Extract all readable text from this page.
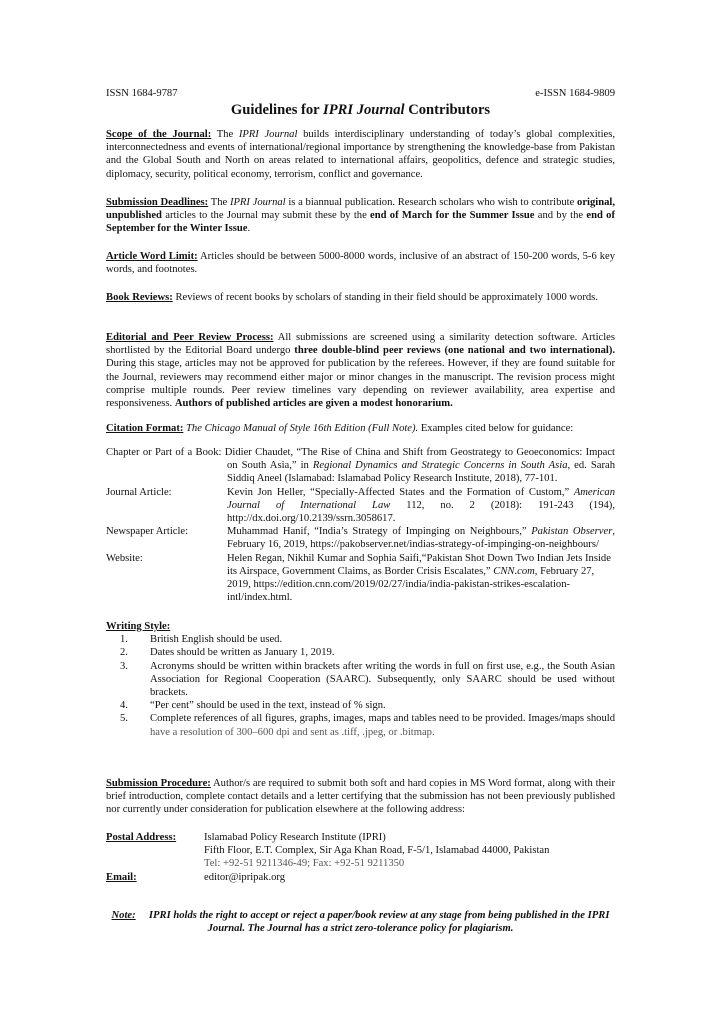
ISSN 1684-9787	e-ISSN 1684-9809
Guidelines for IPRI Journal Contributors
Scope of the Journal: The IPRI Journal builds interdisciplinary understanding of today’s global complexities, interconnectedness and events of international/regional importance by strengthening the knowledge-base from Pakistan and the Global South and North on areas related to international affairs, geopolitics, defence and strategic studies, diplomacy, security, political economy, terrorism, conflict and governance.
Submission Deadlines: The IPRI Journal is a biannual publication. Research scholars who wish to contribute original, unpublished articles to the Journal may submit these by the end of March for the Summer Issue and by the end of September for the Winter Issue.
Article Word Limit: Articles should be between 5000-8000 words, inclusive of an abstract of 150-200 words, 5-6 key words, and footnotes.
Book Reviews: Reviews of recent books by scholars of standing in their field should be approximately 1000 words.
Editorial and Peer Review Process: All submissions are screened using a similarity detection software. Articles shortlisted by the Editorial Board undergo three double-blind peer reviews (one national and two international). During this stage, articles may not be approved for publication by the referees. However, if they are found suitable for the Journal, reviewers may recommend either major or minor changes in the manuscript. The revision process might comprise multiple rounds. Peer review timelines vary depending on reviewer availability, area expertise and responsiveness. Authors of published articles are given a modest honorarium.
Citation Format: The Chicago Manual of Style 16th Edition (Full Note). Examples cited below for guidance:
Chapter or Part of a Book: Didier Chaudet, “The Rise of China and Shift from Geostrategy to Geoeconomics: Impact on South Asia,” in Regional Dynamics and Strategic Concerns in South Asia, ed. Sarah Siddiq Aneel (Islamabad: Islamabad Policy Research Institute, 2018), 77-101.
Journal Article:	Kevin Jon Heller, “Specially-Affected States and the Formation of Custom,” American Journal of International Law 112, no. 2 (2018): 191-243 (194), http://dx.doi.org/10.2139/ssrn.3058617.
Newspaper Article:	Muhammad Hanif, “India’s Strategy of Impinging on Neighbours,” Pakistan Observer, February 16, 2019, https://pakobserver.net/indias-strategy-of-impinging-on-neighbours/
Website:	Helen Regan, Nikhil Kumar and Sophia Saifi,“Pakistan Shot Down Two Indian Jets Inside its Airspace, Government Claims, as Border Crisis Escalates,” CNN.com, February 27, 2019, https://edition.cnn.com/2019/02/27/india/india-pakistan-strikes-escalation-intl/index.html.
Writing Style:
1.	British English should be used.
2.	Dates should be written as January 1, 2019.
3.	Acronyms should be written within brackets after writing the words in full on first use, e.g., the South Asian Association for Regional Cooperation (SAARC). Subsequently, only SAARC should be used without brackets.
4.	“Per cent” should be used in the text, instead of % sign.
5.	Complete references of all figures, graphs, images, maps and tables need to be provided. Images/maps should have a resolution of 300–600 dpi and sent as .tiff, .jpeg, or .bitmap.
Submission Procedure: Author/s are required to submit both soft and hard copies in MS Word format, along with their brief introduction, complete contact details and a letter certifying that the submission has not been previously published nor currently under consideration for publication elsewhere at the following address:
Postal Address:	Islamabad Policy Research Institute (IPRI)
Fifth Floor, E.T. Complex, Sir Aga Khan Road, F-5/1, Islamabad 44000, Pakistan
Tel: +92-51 9211346-49; Fax: +92-51 9211350
Email:	editor@ipripak.org
Note: IPRI holds the right to accept or reject a paper/book review at any stage from being published in the IPRI Journal. The Journal has a strict zero-tolerance policy for plagiarism.
